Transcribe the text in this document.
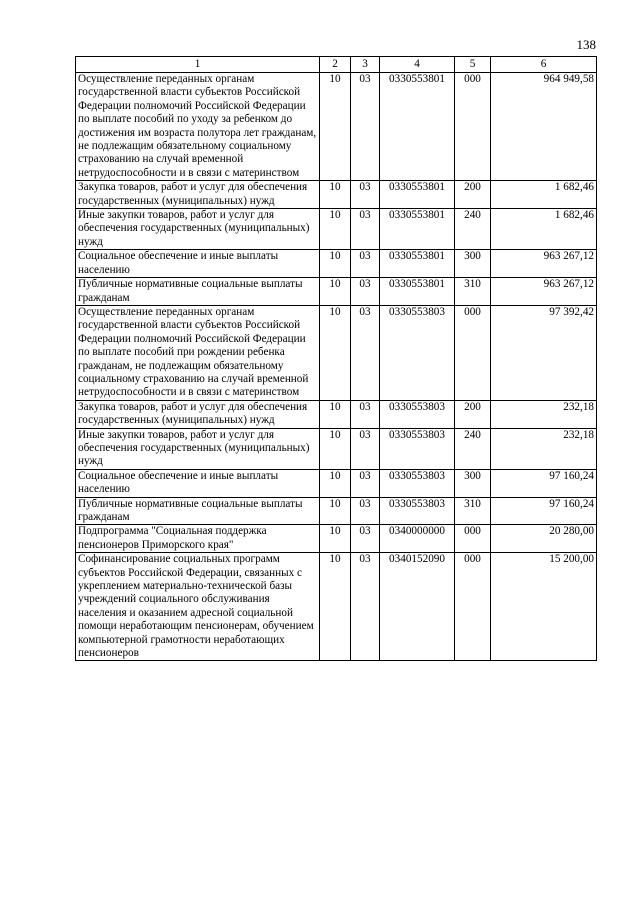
138
1	2	3	4	5	6
Осуществление переданных органам государственной власти субъектов Российской Федерации полномочий Российской Федерации по выплате пособий по уходу за ребенком до достижения им возраста полутора лет гражданам, не подлежащим обязательному социальному страхованию на случай временной нетрудоспособности и в связи с материнством	10	03	0330553801	000	964 949,58
Закупка товаров, работ и услуг для обеспечения государственных (муниципальных) нужд	10	03	0330553801	200	1 682,46
Иные закупки товаров, работ и услуг для обеспечения государственных (муниципальных) нужд	10	03	0330553801	240	1 682,46
Социальное обеспечение и иные выплаты населению	10	03	0330553801	300	963 267,12
Публичные нормативные социальные выплаты гражданам	10	03	0330553801	310	963 267,12
Осуществление переданных органам государственной власти субъектов Российской Федерации полномочий Российской Федерации по выплате пособий при рождении ребенка гражданам, не подлежащим обязательному социальному страхованию на случай временной нетрудоспособности и в связи с материнством	10	03	0330553803	000	97 392,42
Закупка товаров, работ и услуг для обеспечения государственных (муниципальных) нужд	10	03	0330553803	200	232,18
Иные закупки товаров, работ и услуг для обеспечения государственных (муниципальных) нужд	10	03	0330553803	240	232,18
Социальное обеспечение и иные выплаты населению	10	03	0330553803	300	97 160,24
Публичные нормативные социальные выплаты гражданам	10	03	0330553803	310	97 160,24
Подпрограмма "Социальная поддержка пенсионеров Приморского края"	10	03	0340000000	000	20 280,00
Софинансирование социальных программ субъектов Российской Федерации, связанных с укреплением материально-технической базы учреждений социального обслуживания населения и оказанием адресной социальной помощи неработающим пенсионерам, обучением компьютерной грамотности неработающих пенсионеров	10	03	0340152090	000	15 200,00
